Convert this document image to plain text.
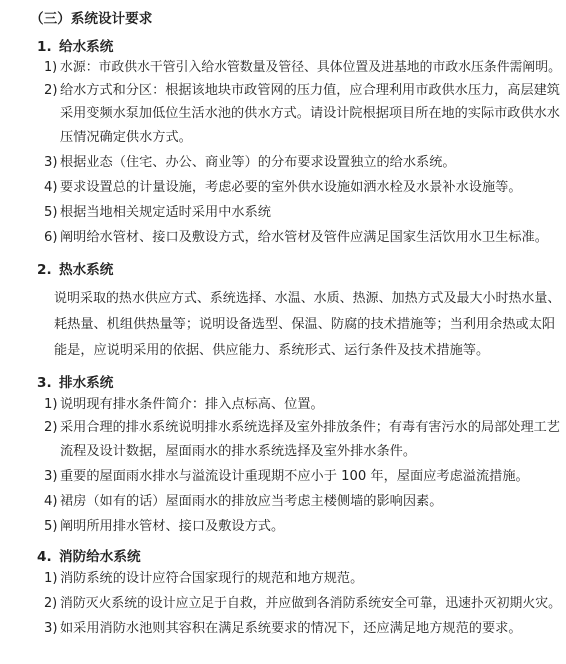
（三）系统设计要求
1. 给水系统
1) 水源：市政供水干管引入给水管数量及管径、具体位置及进基地的市政水压条件需阐明。
2) 给水方式和分区：根据该地块市政管网的压力值，应合理利用市政供水压力，高层建筑
采用变频水泵加低位生活水池的供水方式。请设计院根据项目所在地的实际市政供水水
压情况确定供水方式。
3) 根据业态（住宅、办公、商业等）的分布要求设置独立的给水系统。
4) 要求设置总的计量设施，考虑必要的室外供水设施如洒水栓及水景补水设施等。
5) 根据当地相关规定适时采用中水系统
6) 阐明给水管材、接口及敷设方式，给水管材及管件应满足国家生活饮用水卫生标准。
2. 热水系统
说明采取的热水供应方式、系统选择、水温、水质、热源、加热方式及最大小时热水量、
耗热量、机组供热量等；说明设备选型、保温、防腐的技术措施等；当利用余热或太阳
能是，应说明采用的依据、供应能力、系统形式、运行条件及技术措施等。
3. 排水系统
1) 说明现有排水条件简介：排入点标高、位置。
2) 采用合理的排水系统说明排水系统选择及室外排放条件；有毒有害污水的局部处理工艺
流程及设计数据，屋面雨水的排水系统选择及室外排水条件。
3) 重要的屋面雨水排水与溢流设计重现期不应小于 100 年，屋面应考虑溢流措施。
4) 裙房（如有的话）屋面雨水的排放应当考虑主楼侧墙的影响因素。
5) 阐明所用排水管材、接口及敷设方式。
4. 消防给水系统
1) 消防系统的设计应符合国家现行的规范和地方规范。
2) 消防灭火系统的设计应立足于自救，并应做到各消防系统安全可靠，迅速扑灭初期火灾。
3) 如采用消防水池则其容积在满足系统要求的情况下，还应满足地方规范的要求。
